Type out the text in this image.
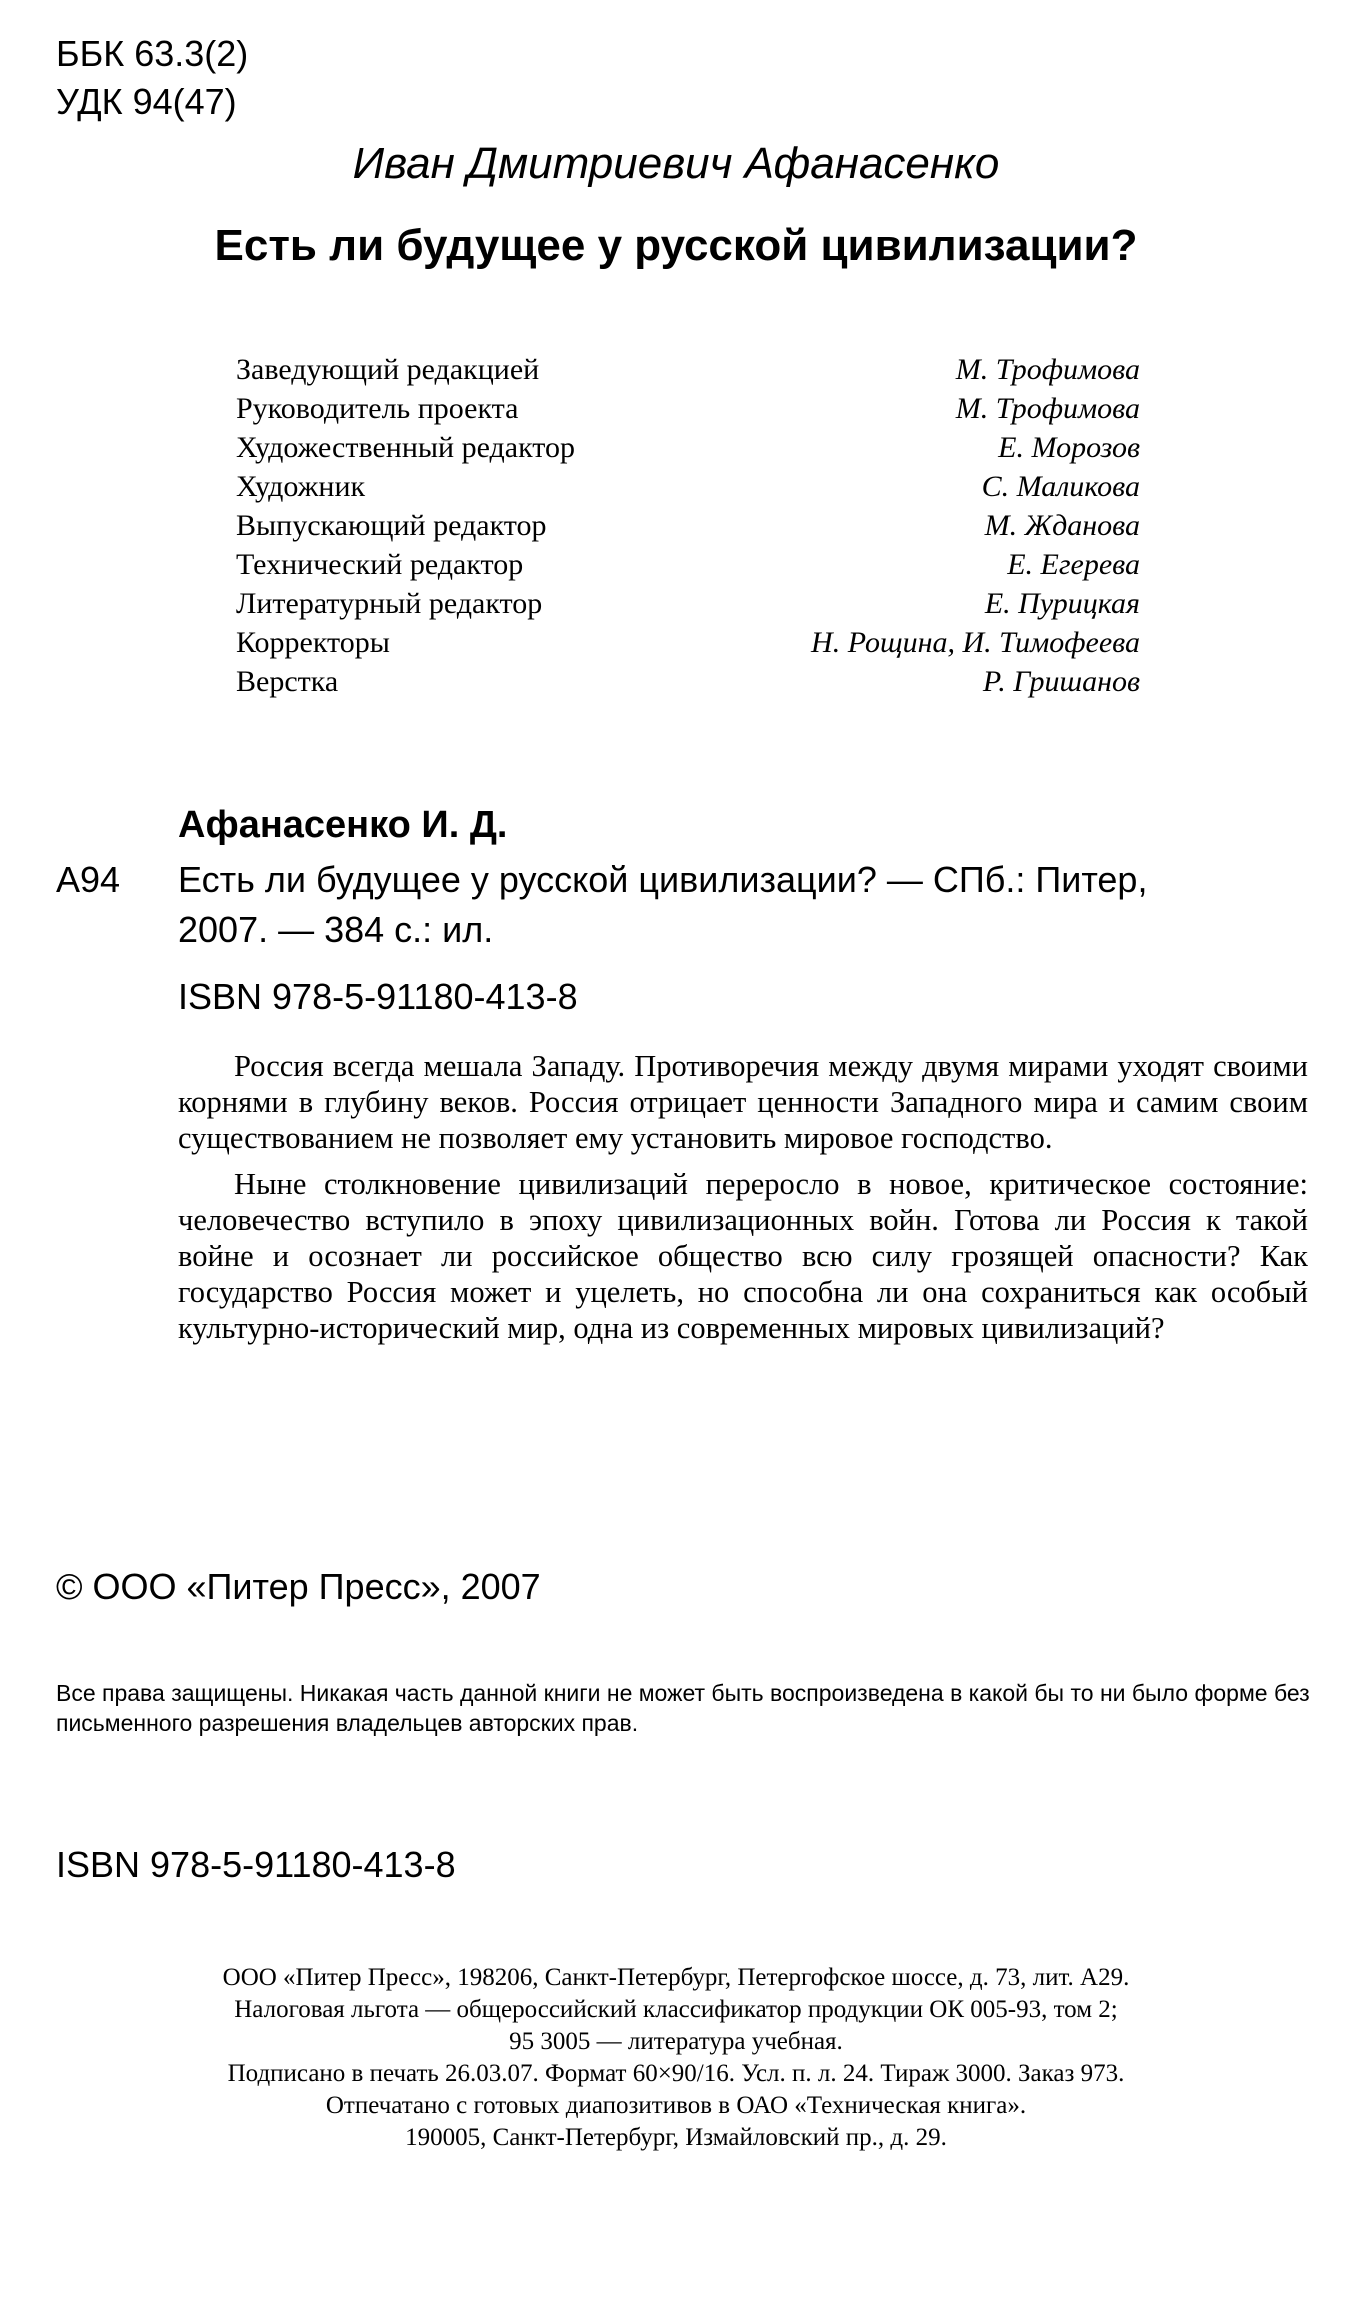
ББК 63.3(2)
УДК 94(47)
Иван Дмитриевич Афанасенко
Есть ли будущее у русской цивилизации?
Заведующий редакцией	М. Трофимова
Руководитель проекта	М. Трофимова
Художественный редактор	Е. Морозов
Художник	С. Маликова
Выпускающий редактор	М. Жданова
Технический редактор	Е. Егерева
Литературный редактор	Е. Пурицкая
Корректоры	Н. Рощина, И. Тимофеева
Верстка	Р. Гришанов
Афанасенко И. Д.
А94 Есть ли будущее у русской цивилизации? — СПб.: Питер,
2007. — 384 с.: ил.
ISBN 978-5-91180-413-8

Россия всегда мешала Западу. Противоречия между двумя мирами уходят своими корнями в глубину веков. Россия отрицает ценности Западного мира и самим своим существованием не позволяет ему установить мировое господство.

Ныне столкновение цивилизаций переросло в новое, критическое состояние: человечество вступило в эпоху цивилизационных войн. Готова ли Россия к такой войне и осознает ли российское общество всю силу грозящей опасности? Как государство Россия может и уцелеть, но способна ли она сохраниться как особый культурно-исторический мир, одна из современных мировых цивилизаций?

© ООО «Питер Пресс», 2007
Все права защищены. Никакая часть данной книги не может быть воспроизведена в какой бы то ни было форме без письменного разрешения владельцев авторских прав.
ISBN 978-5-91180-413-8
ООО «Питер Пресс», 198206, Санкт-Петербург, Петергофское шоссе, д. 73, лит. А29.
Налоговая льгота — общероссийский классификатор продукции ОК 005-93, том 2;
95 3005 — литература учебная.
Подписано в печать 26.03.07. Формат 60×90/16. Усл. п. л. 24. Тираж 3000. Заказ 973.
Отпечатано с готовых диапозитивов в ОАО «Техническая книга».
190005, Санкт-Петербург, Измайловский пр., д. 29.
